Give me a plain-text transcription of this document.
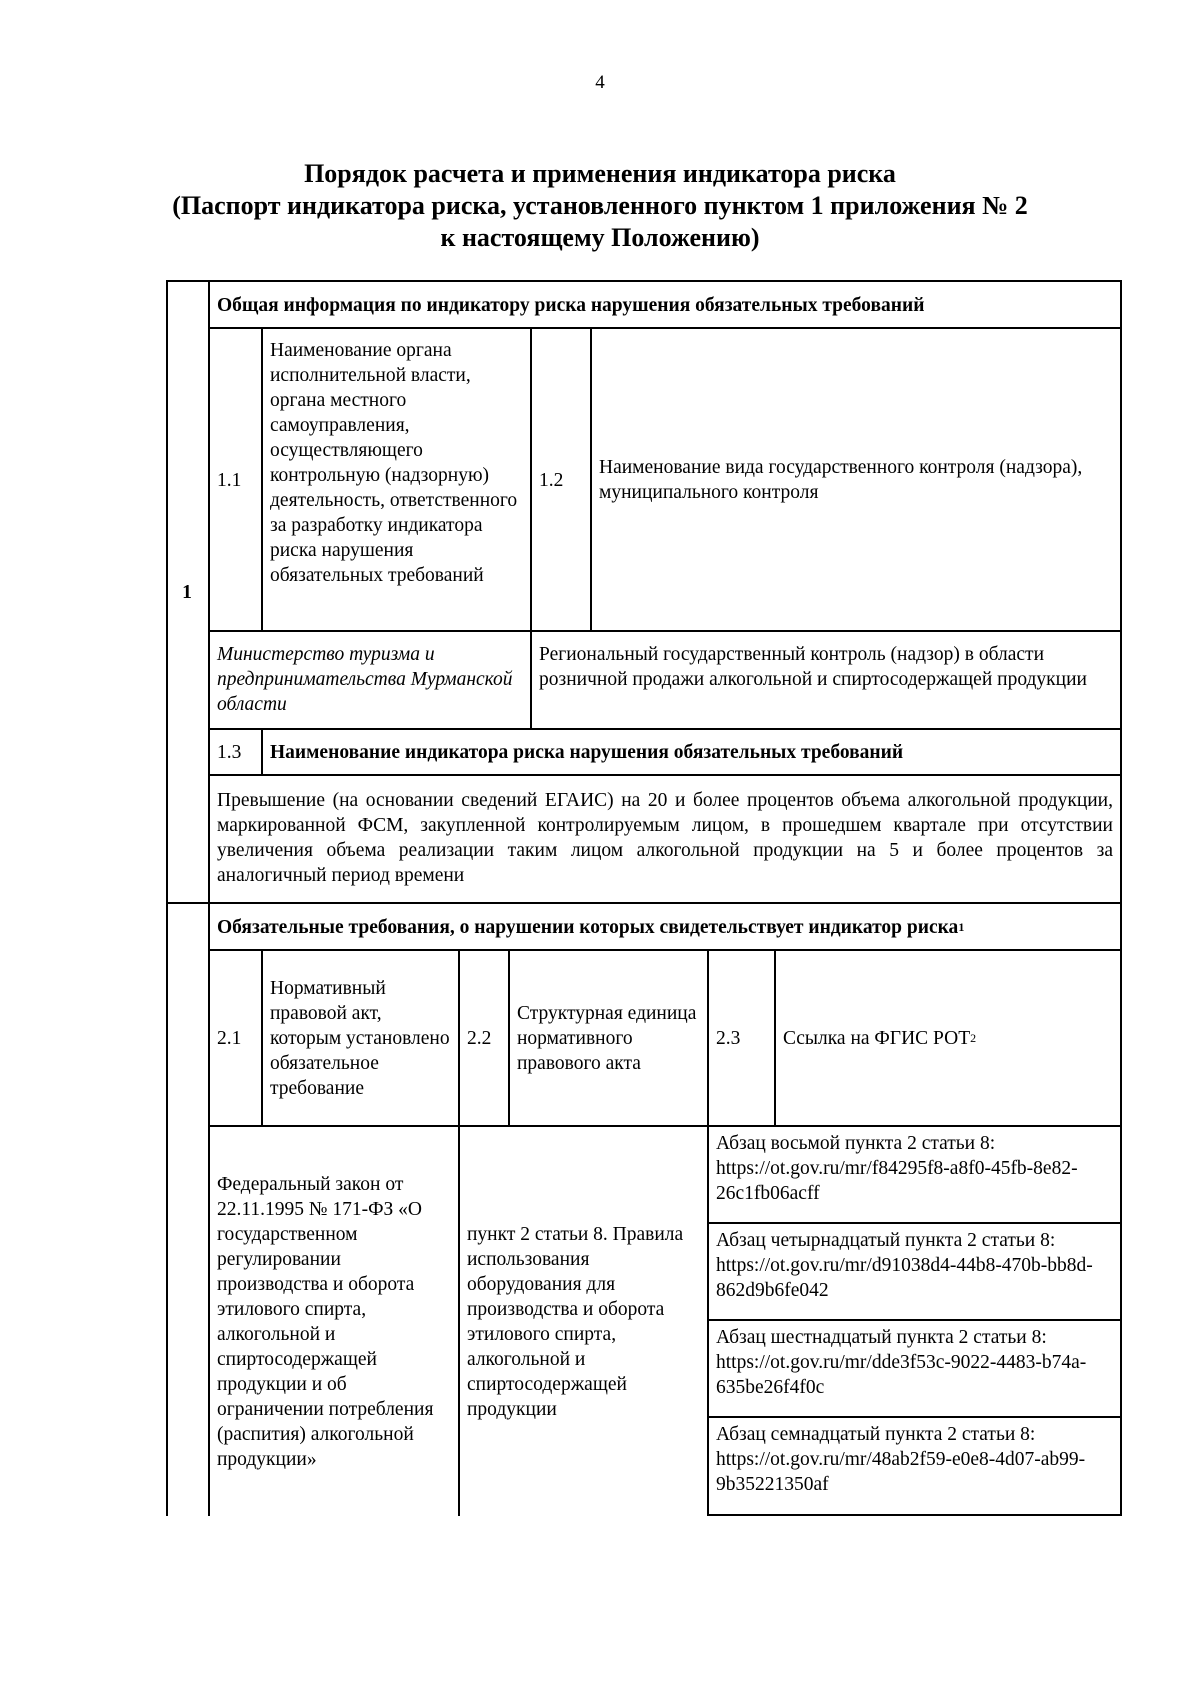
4
Порядок расчета и применения индикатора риска
(Паспорт индикатора риска, установленного пунктом 1 приложения № 2
к настоящему Положению)
1
Общая информация по индикатору риска нарушения обязательных требований
1.1
Наименование органа исполнительной власти, органа местного самоуправления, осуществляющего контрольную (надзорную) деятельность, ответственного за разработку индикатора риска нарушения обязательных требований
1.2
Наименование вида государственного контроля (надзора), муниципального контроля
Министерство туризма и предпринимательства Мурманской области
Региональный государственный контроль (надзор) в области розничной продажи алкогольной и спиртосодержащей продукции
1.3	Наименование индикатора риска нарушения обязательных требований
Превышение (на основании сведений ЕГАИС) на 20 и более процентов объема алкогольной продукции, маркированной ФСМ, закупленной контролируемым лицом, в прошедшем квартале при отсутствии увеличения объема реализации таким лицом алкогольной продукции на 5 и более процентов за аналогичный период времени
Обязательные требования, о нарушении которых свидетельствует индикатор риска 1
2.1
Нормативный правовой акт, которым установлено обязательное требование
2.2
Структурная единица нормативного правового акта
2.3	Ссылка на ФГИС РОТ 2
Федеральный закон от 22.11.1995 № 171-ФЗ «О государственном регулировании производства и оборота этилового спирта, алкогольной и спиртосодержащей продукции и об ограничении потребления (распития) алкогольной продукции»
пункт 2 статьи 8. Правила использования оборудования для производства и оборота этилового спирта, алкогольной и спиртосодержащей продукции
Абзац восьмой пункта 2 статьи 8: https://ot.gov.ru/mr/f84295f8-a8f0-45fb-8e82-26c1fb06acff
Абзац четырнадцатый пункта 2 статьи 8: https://ot.gov.ru/mr/d91038d4-44b8-470b-bb8d-862d9b6fe042
Абзац шестнадцатый пункта 2 статьи 8: https://ot.gov.ru/mr/dde3f53c-9022-4483-b74a-635be26f4f0c
Абзац семнадцатый пункта 2 статьи 8: https://ot.gov.ru/mr/48ab2f59-e0e8-4d07-ab99-9b35221350af
